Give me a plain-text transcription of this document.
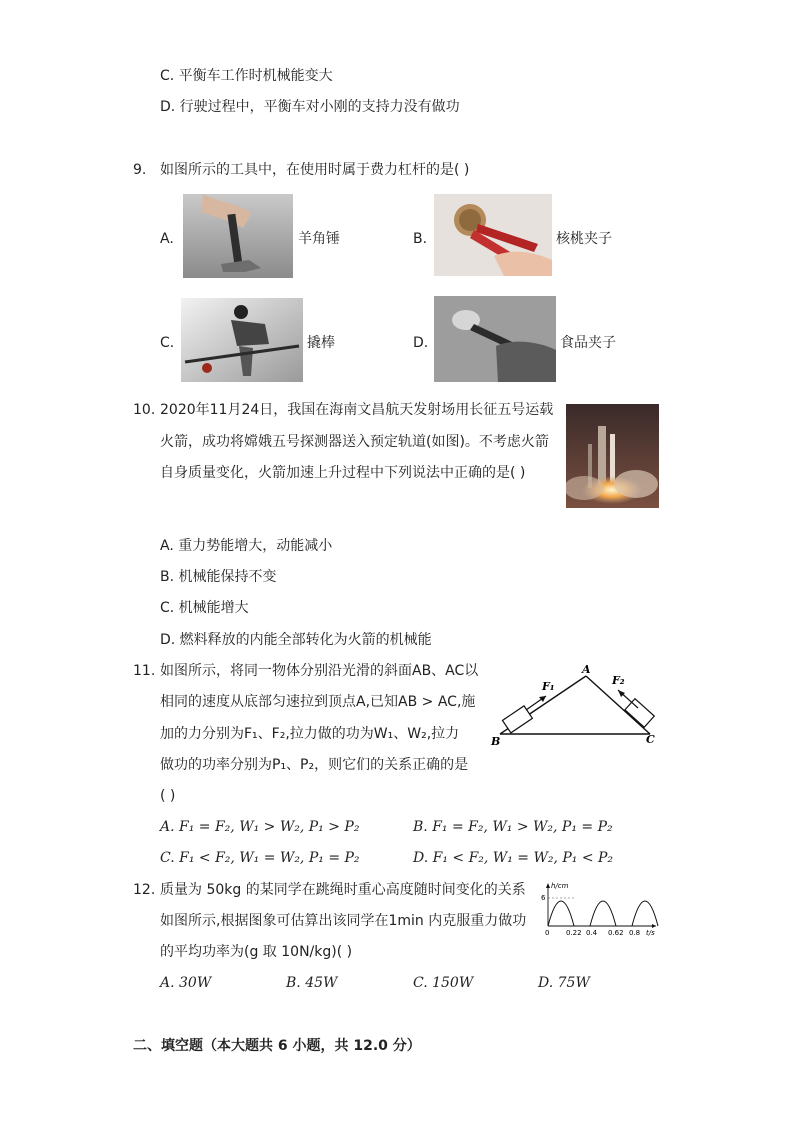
C. 平衡车工作时机械能变大
D. 行驶过程中，平衡车对小刚的支持力没有做功
9. 如图所示的工具中，在使用时属于费力杠杆的是( )
A.	羊角锤	B.	核桃夹子
C.	撬棒	D.	食品夹子
10. 2020年11月24日，我国在海南文昌航天发射场用长征五号运载
火箭，成功将嫦娥五号探测器送入预定轨道(如图)。不考虑火箭
自身质量变化，火箭加速上升过程中下列说法中正确的是( )
A. 重力势能增大，动能减小
B. 机械能保持不变
C. 机械能增大
D. 燃料释放的内能全部转化为火箭的机械能
11. 如图所示，将同一物体分别沿光滑的斜面AB、AC以
相同的速度从底部匀速拉到顶点A,已知AB > AC,施
加的力分别为F₁、F₂,拉力做的功为W₁、W₂,拉力
做功的功率分别为P₁、P₂，则它们的关系正确的是
( )
A
B	C
F₁	F₂
A. F₁ = F₂, W₁ > W₂, P₁ > P₂	B. F₁ = F₂, W₁ > W₂, P₁ = P₂
C. F₁ < F₂, W₁ = W₂, P₁ = P₂	D. F₁ < F₂, W₁ = W₂, P₁ < P₂
12. 质量为 50kg 的某同学在跳绳时重心高度随时间变化的关系
如图所示,根据图象可估算出该同学在1min 内克服重力做功
的平均功率为(g 取 10N/kg)( )
h/cm
6
t/s
0 0.22 0.4 0.62 0.8
A. 30W	B. 45W	C. 150W	D. 75W
二、填空题（本大题共 6 小题，共 12.0 分）
